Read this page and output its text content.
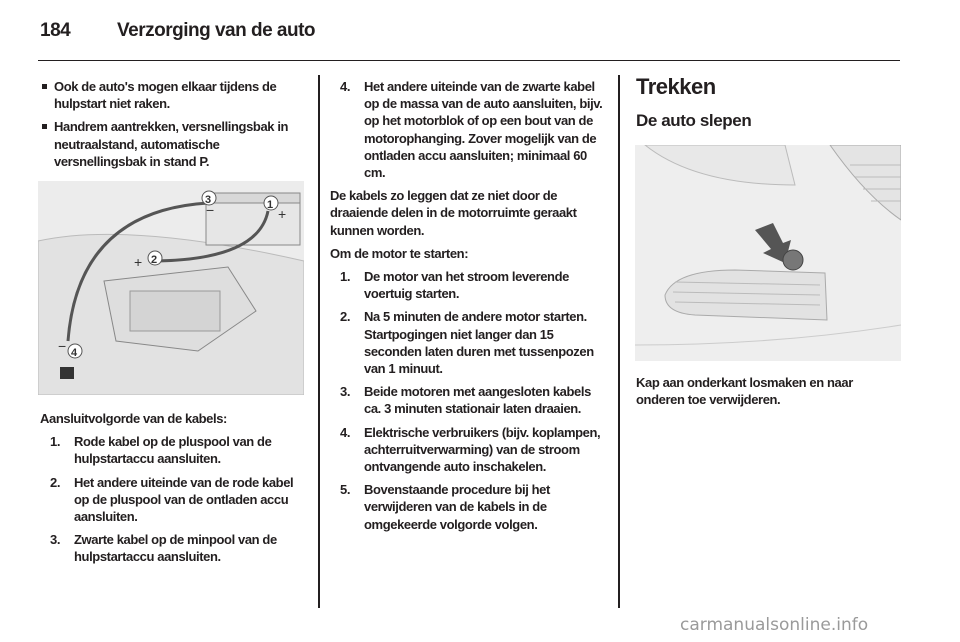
184 Verzorging van de auto
Ook de auto's mogen elkaar tijdens de hulpstart niet raken.
Handrem aantrekken, versnellingsbak in neutraalstand, automatische versnellingsbak in stand P.
1
+
2
+
3
−
4
−
Aansluitvolgorde van de kabels:
1. Rode kabel op de pluspool van de hulpstartaccu aansluiten.
2. Het andere uiteinde van de rode kabel op de pluspool van de ontladen accu aansluiten.
3. Zwarte kabel op de minpool van de hulpstartaccu aansluiten.
4. Het andere uiteinde van de zwarte kabel op de massa van de auto aansluiten, bijv. op het motorblok of op een bout van de motorophanging. Zover mogelijk van de ontladen accu aansluiten; minimaal 60 cm.
De kabels zo leggen dat ze niet door de draaiende delen in de motorruimte geraakt kunnen worden.
Om de motor te starten:
1. De motor van het stroom leverende voertuig starten.
2. Na 5 minuten de andere motor starten. Startpogingen niet langer dan 15 seconden laten duren met tussenpozen van 1 minuut.
3. Beide motoren met aangesloten kabels ca. 3 minuten stationair laten draaien.
4. Elektrische verbruikers (bijv. koplampen, achterruitverwarming) van de stroom ontvangende auto inschakelen.
5. Bovenstaande procedure bij het verwijderen van de kabels in de omgekeerde volgorde volgen.
Trekken
De auto slepen
Kap aan onderkant losmaken en naar onderen toe verwijderen.
carmanualsonline.info
